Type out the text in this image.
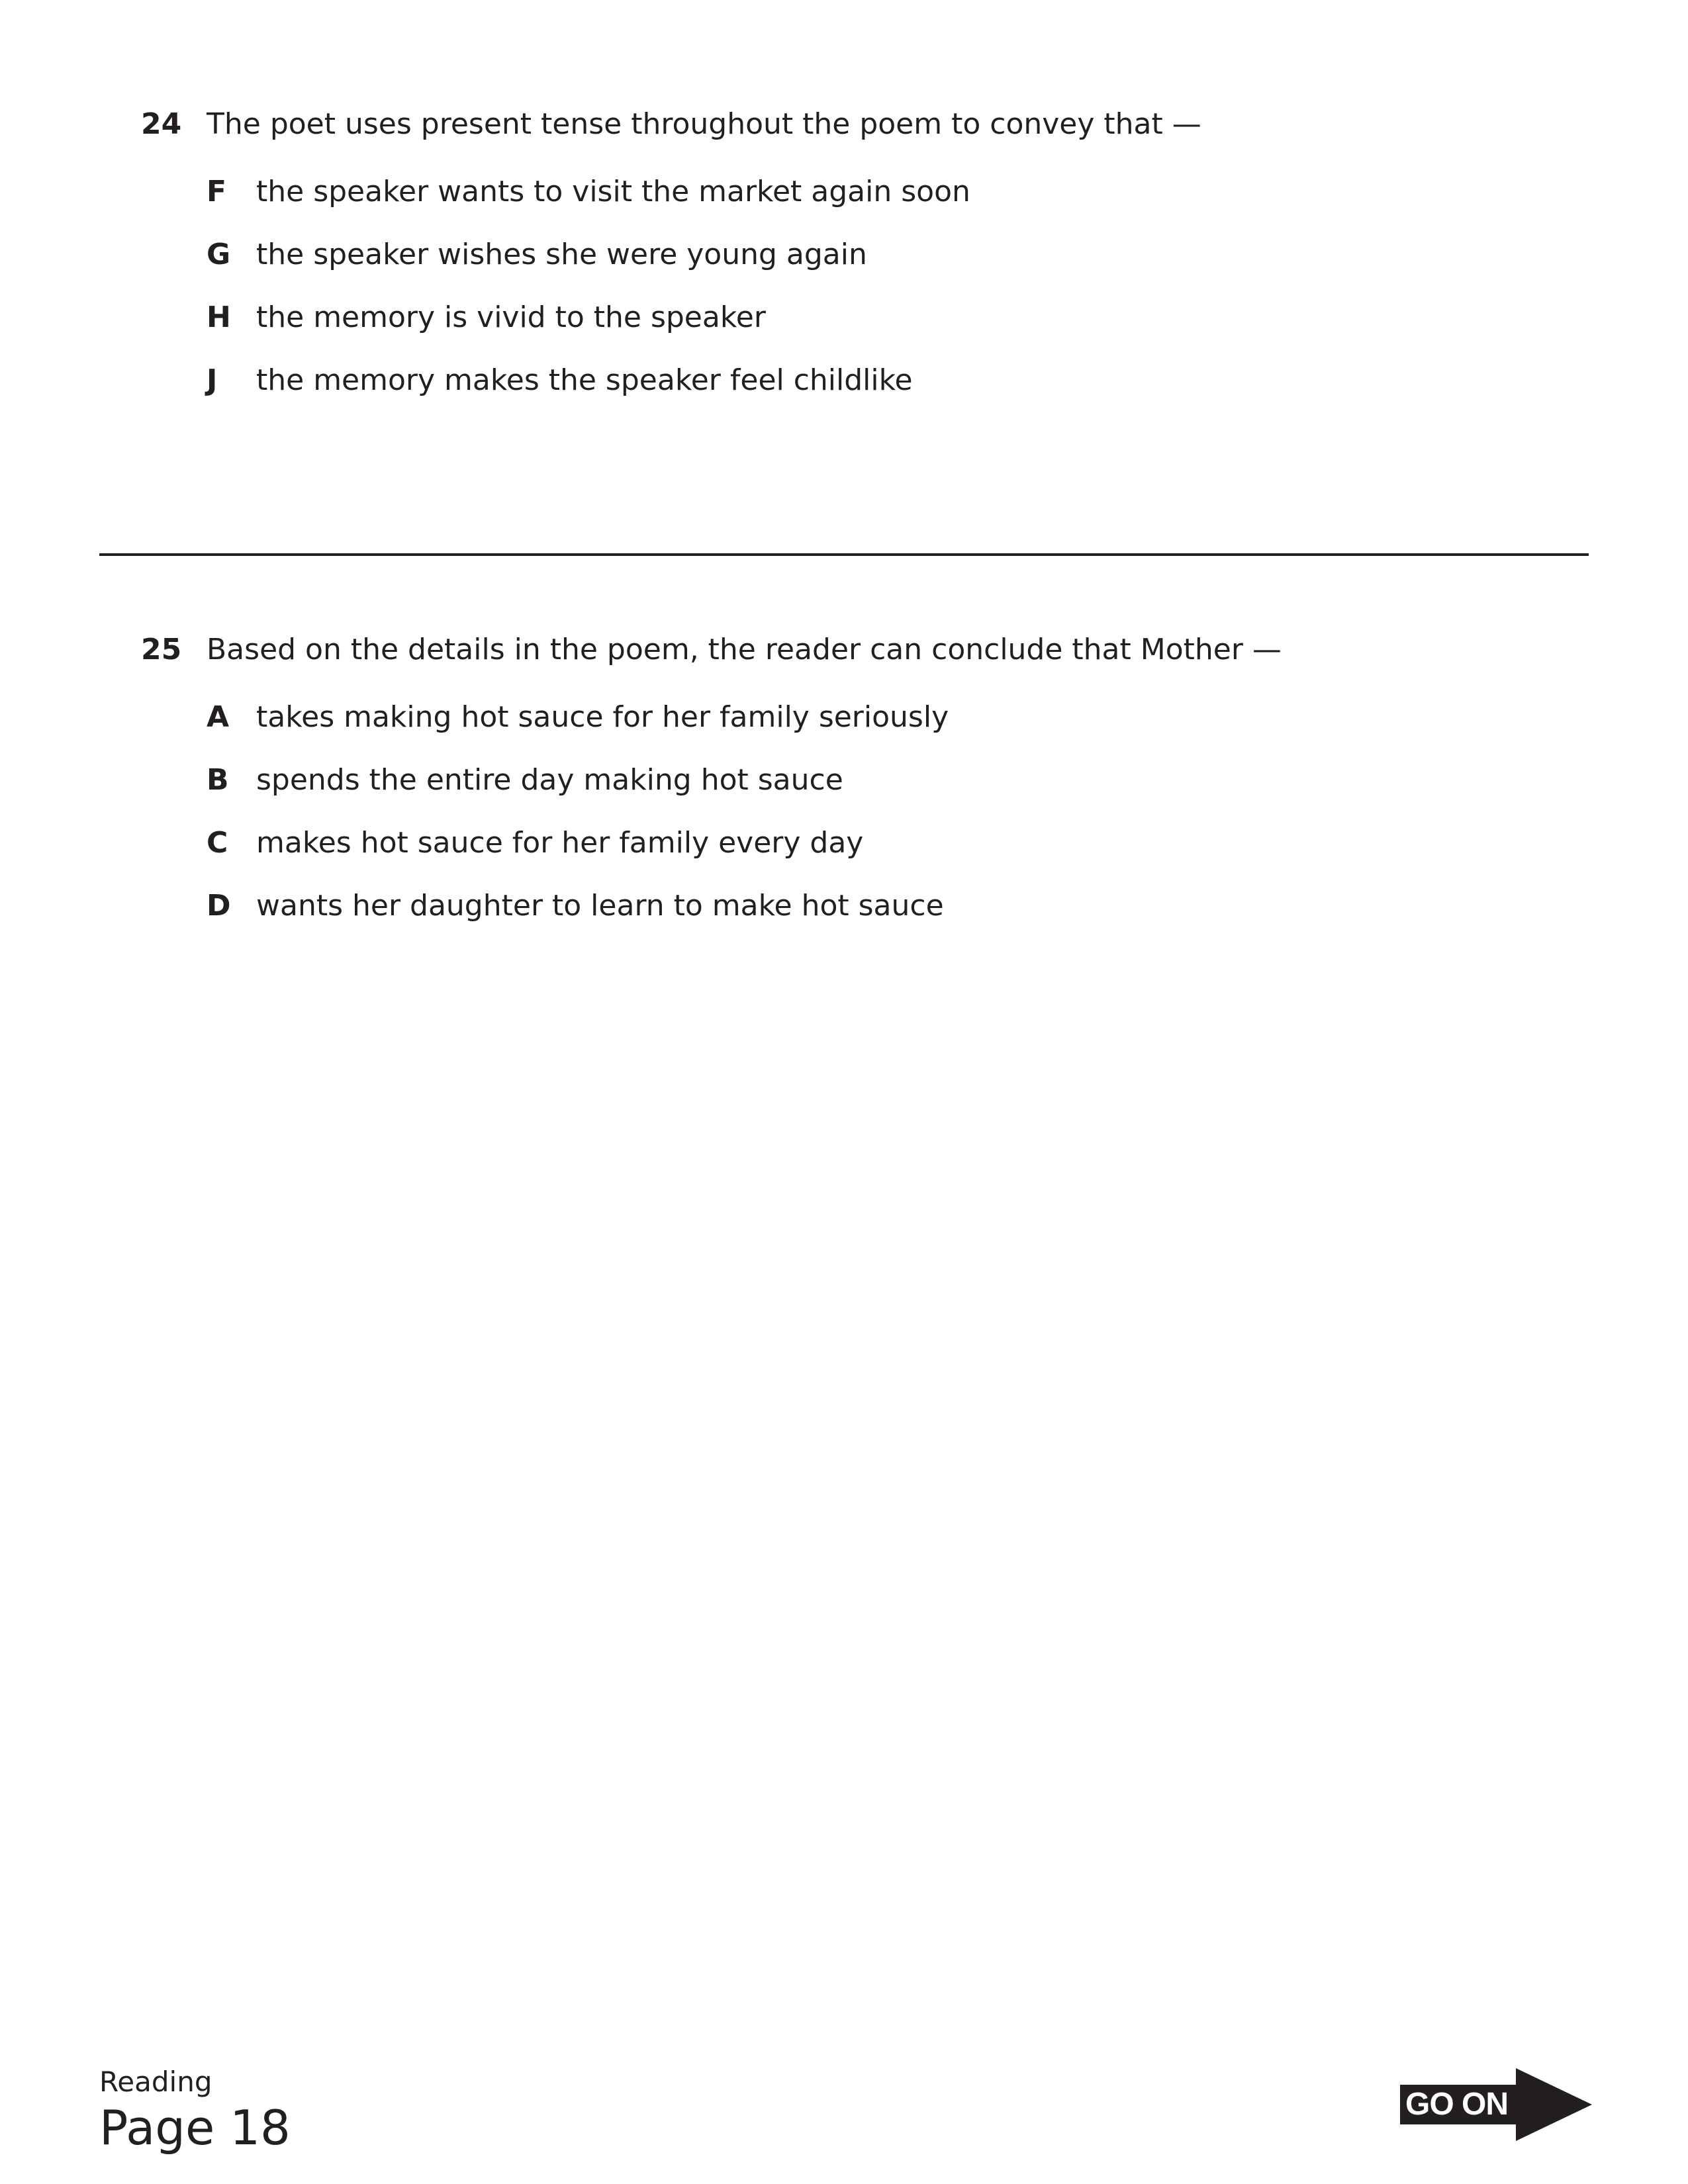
24 The poet uses present tense throughout the poem to convey that —
F the speaker wants to visit the market again soon
G the speaker wishes she were young again
H the memory is vivid to the speaker
J the memory makes the speaker feel childlike
25 Based on the details in the poem, the reader can conclude that Mother —
A takes making hot sauce for her family seriously
B spends the entire day making hot sauce
C makes hot sauce for her family every day
D wants her daughter to learn to make hot sauce
Reading
Page 18	GO ON
